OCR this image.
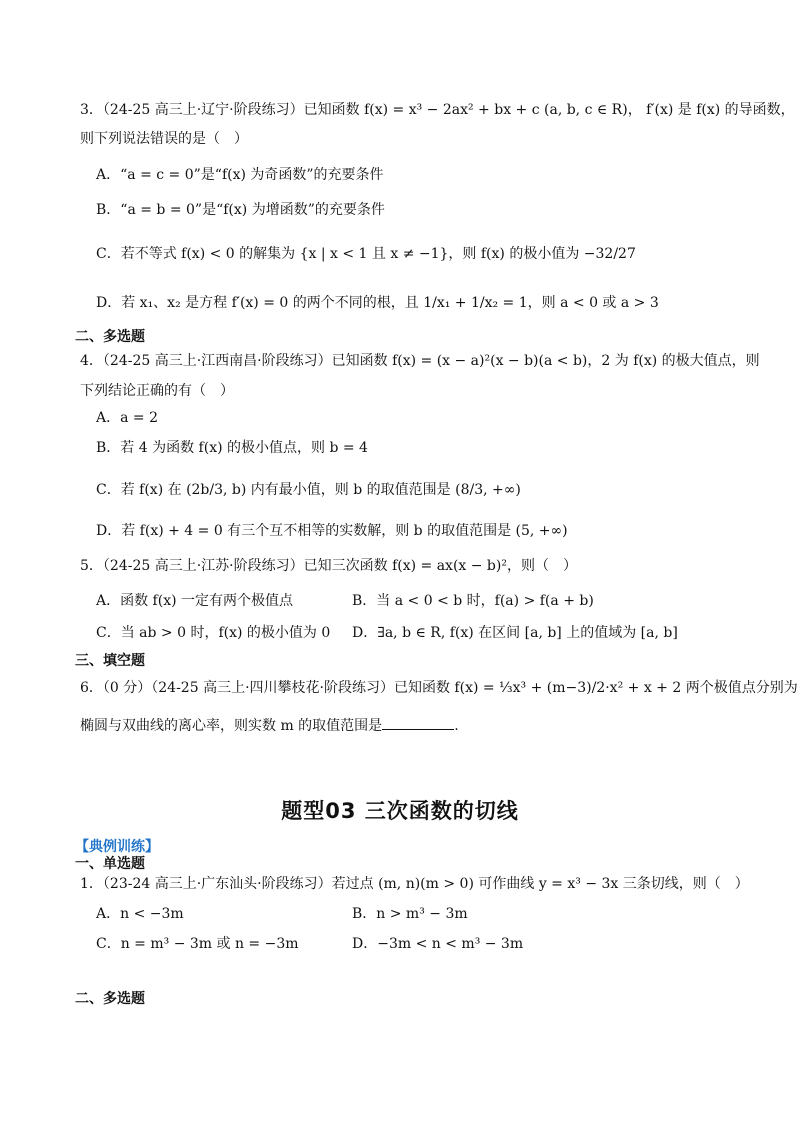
3．（24-25 高三上·辽宁·阶段练习）已知函数 f(x) = x³ − 2ax² + bx + c (a, b, c ∈ R)， f′(x) 是 f(x) 的导函数，
则下列说法错误的是（　）
A．“a = c = 0”是“f(x) 为奇函数”的充要条件
B．“a = b = 0”是“f(x) 为增函数”的充要条件
C．若不等式 f(x) < 0 的解集为 {x | x < 1 且 x ≠ −1}，则 f(x) 的极小值为 −32/27
D．若 x₁、x₂ 是方程 f′(x) = 0 的两个不同的根，且 1/x₁ + 1/x₂ = 1，则 a < 0 或 a > 3
二、多选题
4．（24-25 高三上·江西南昌·阶段练习）已知函数 f(x) = (x − a)²(x − b)(a < b)，2 为 f(x) 的极大值点，则
下列结论正确的有（　）
A．a = 2
B．若 4 为函数 f(x) 的极小值点，则 b = 4
C．若 f(x) 在 (2b/3, b) 内有最小值，则 b 的取值范围是 (8/3, +∞)
D．若 f(x) + 4 = 0 有三个互不相等的实数解，则 b 的取值范围是 (5, +∞)
5．（24-25 高三上·江苏·阶段练习）已知三次函数 f(x) = ax(x − b)²，则（　）
A．函数 f(x) 一定有两个极值点	B．当 a < 0 < b 时，f(a) > f(a + b)
C．当 ab > 0 时，f(x) 的极小值为 0 D．∃a, b ∈ R, f(x) 在区间 [a, b] 上的值域为 [a, b]
三、填空题
6．（0 分）（24-25 高三上·四川攀枝花·阶段练习）已知函数 f(x) = ⅓x³ + (m−3)/2·x² + x + 2 两个极值点分别为
椭圆与双曲线的离心率，则实数 m 的取值范围是	.
题型03 三次函数的切线
【典例训练】
一、单选题
1．（23-24 高三上·广东汕头·阶段练习）若过点 (m, n)(m > 0) 可作曲线 y = x³ − 3x 三条切线，则（　）
A．n < −3m	B．n > m³ − 3m
C．n = m³ − 3m 或 n = −3m	D．−3m < n < m³ − 3m
二、多选题
